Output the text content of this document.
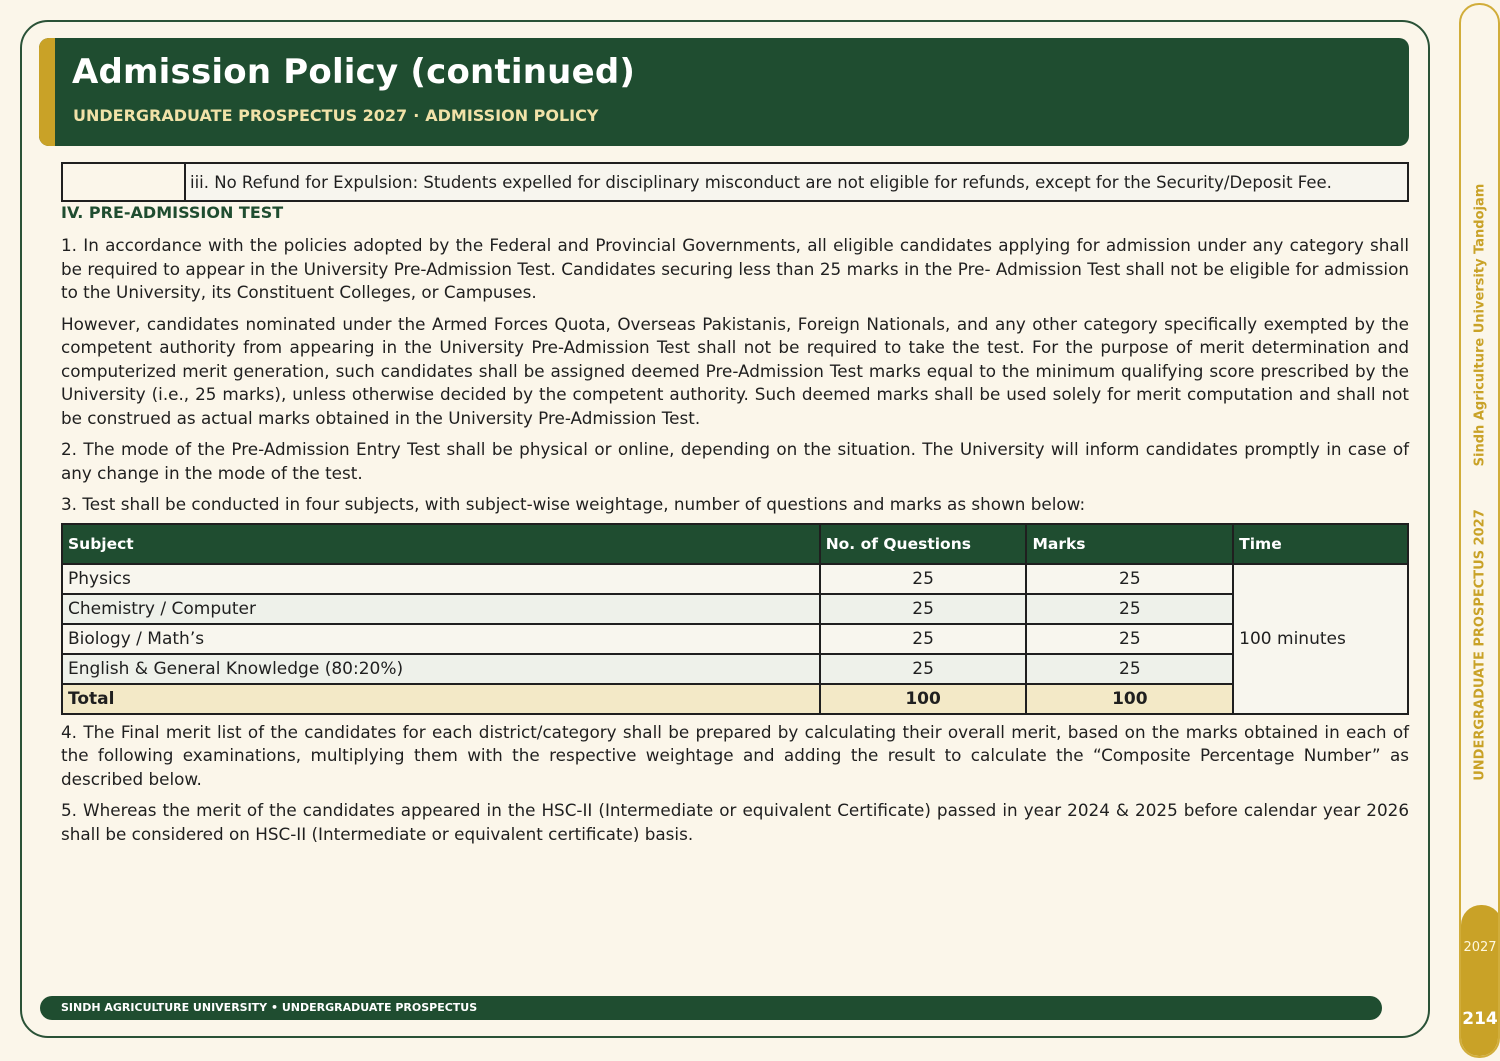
Admission Policy (continued)
UNDERGRADUATE PROSPECTUS 2027 · ADMISSION POLICY
	iii. No Refund for Expulsion: Students expelled for disciplinary misconduct are not eligible for refunds, except for the Security/Deposit Fee.
IV. PRE-ADMISSION TEST

1. In accordance with the policies adopted by the Federal and Provincial Governments, all eligible candidates applying for admission under any category shall be required to appear in the University Pre-Admission Test. Candidates securing less than 25 marks in the Pre- Admission Test shall not be eligible for admission to the University, its Constituent Colleges, or Campuses.

However, candidates nominated under the Armed Forces Quota, Overseas Pakistanis, Foreign Nationals, and any other category specifically exempted by the competent authority from appearing in the University Pre-Admission Test shall not be required to take the test. For the purpose of merit determination and computerized merit generation, such candidates shall be assigned deemed Pre-Admission Test marks equal to the minimum qualifying score prescribed by the University (i.e., 25 marks), unless otherwise decided by the competent authority. Such deemed marks shall be used solely for merit computation and shall not be construed as actual marks obtained in the University Pre-Admission Test.

2. The mode of the Pre-Admission Entry Test shall be physical or online, depending on the situation. The University will inform candidates promptly in case of any change in the mode of the test.

3. Test shall be conducted in four subjects, with subject-wise weightage, number of questions and marks as shown below:

Subject	No. of Questions	Marks	Time
Physics	25	25	100 minutes
Chemistry / Computer	25	25	
Biology / Math’s	25	25	
English & General Knowledge (80:20%)	25	25	
Total	100	100	

4. The Final merit list of the candidates for each district/category shall be prepared by calculating their overall merit, based on the marks obtained in each of the following examinations, multiplying them with the respective weightage and adding the result to calculate the “Composite Percentage Number” as described below.

5. Whereas the merit of the candidates appeared in the HSC-II (Intermediate or equivalent Certificate) passed in year 2024 & 2025 before calendar year 2026 shall be considered on HSC-II (Intermediate or equivalent certificate) basis.

SINDH AGRICULTURE UNIVERSITY • UNDERGRADUATE PROSPECTUS
Sindh Agriculture University Tandojam
UNDERGRADUATE PROSPECTUS 2027
2027
214
